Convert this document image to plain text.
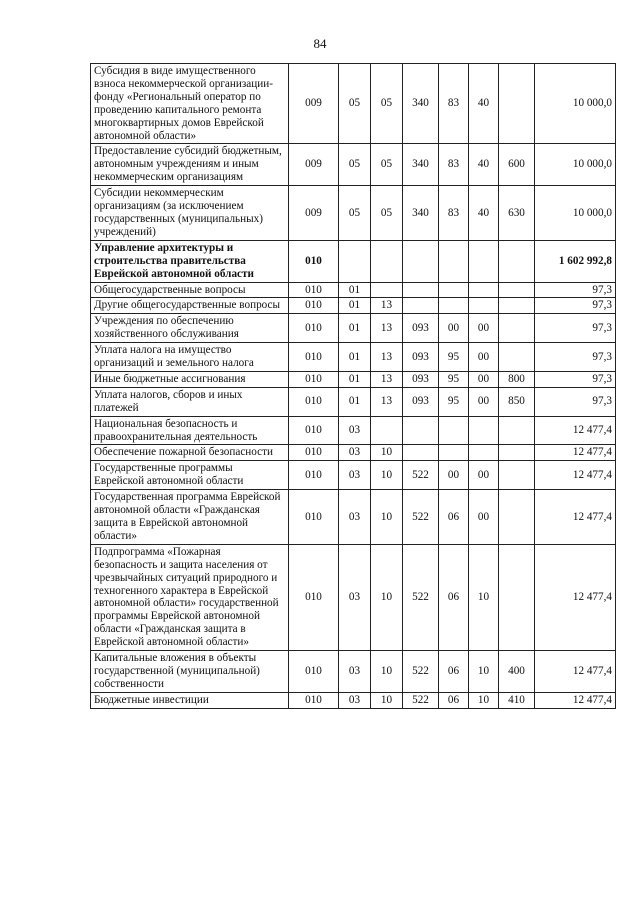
84
Субсидия в виде имущественного взноса некоммерческой организации-фонду «Региональный оператор по проведению капитального ремонта многоквартирных домов Еврейской автономной области»	009	05	05	340	83	40		10 000,0
Предоставление субсидий бюджетным, автономным учреждениям и иным некоммерческим организациям	009	05	05	340	83	40	600	10 000,0
Субсидии некоммерческим организациям (за исключением государственных (муниципальных) учреждений)	009	05	05	340	83	40	630	10 000,0
Управление архитектуры и строительства правительства Еврейской автономной области	010							1 602 992,8
Общегосударственные вопросы	010	01						97,3
Другие общегосударственные вопросы	010	01	13					97,3
Учреждения по обеспечению хозяйственного обслуживания	010	01	13	093	00	00		97,3
Уплата налога на имущество организаций и земельного налога	010	01	13	093	95	00		97,3
Иные бюджетные ассигнования	010	01	13	093	95	00	800	97,3
Уплата налогов, сборов и иных платежей	010	01	13	093	95	00	850	97,3
Национальная безопасность и правоохранительная деятельность	010	03						12 477,4
Обеспечение пожарной безопасности	010	03	10					12 477,4
Государственные программы Еврейской автономной области	010	03	10	522	00	00		12 477,4
Государственная программа Еврейской автономной области «Гражданская защита в Еврейской автономной области»	010	03	10	522	06	00		12 477,4
Подпрограмма «Пожарная безопасность и защита населения от чрезвычайных ситуаций природного и техногенного характера в Еврейской автономной области» государственной программы Еврейской автономной области «Гражданская защита в Еврейской автономной области»	010	03	10	522	06	10		12 477,4
Капитальные вложения в объекты государственной (муниципальной) собственности	010	03	10	522	06	10	400	12 477,4
Бюджетные инвестиции	010	03	10	522	06	10	410	12 477,4
